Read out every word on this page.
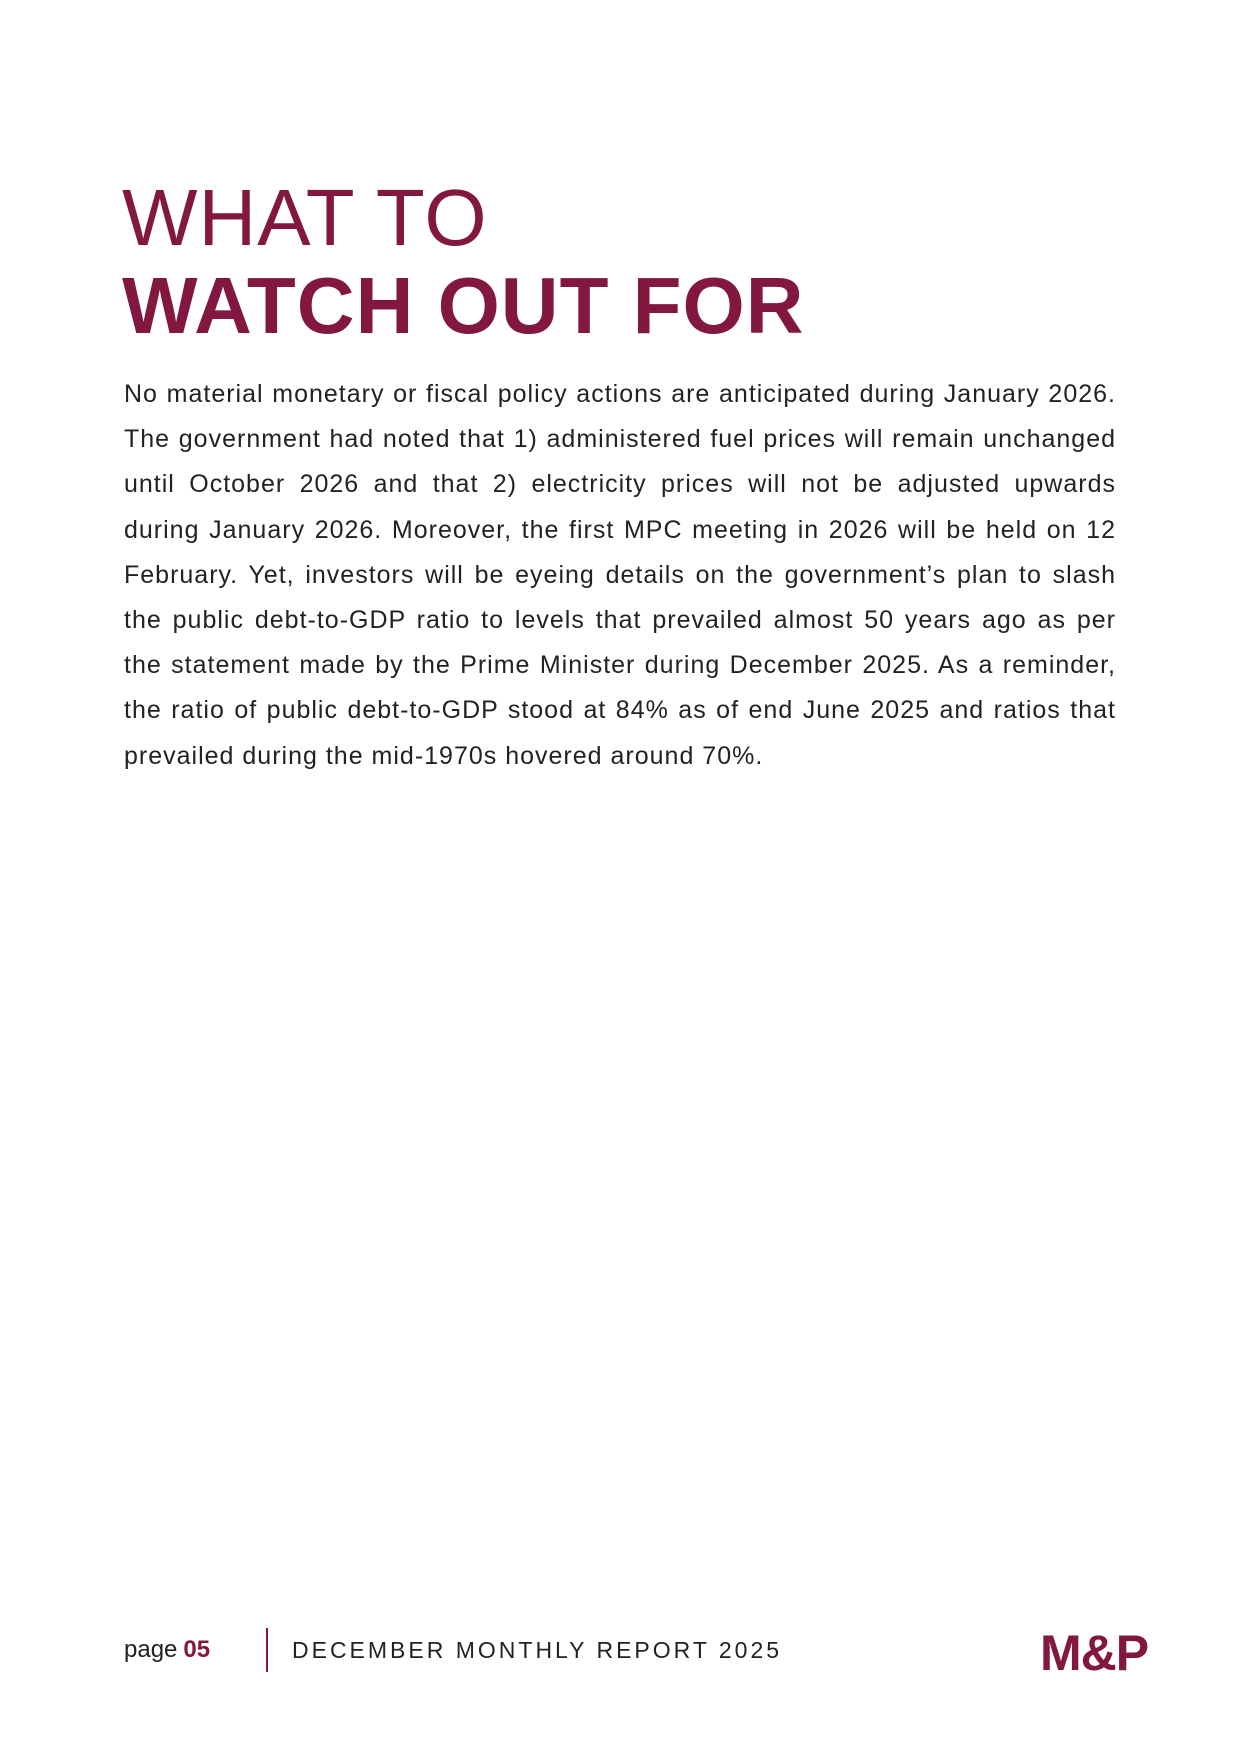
WHAT TO
WATCH OUT FOR

No material monetary or fiscal policy actions are anticipated during January 2026. The government had noted that 1) administered fuel prices will remain unchanged until October 2026 and that 2) electricity prices will not be adjusted upwards during January 2026. Moreover, the first MPC meeting in 2026 will be held on 12 February. Yet, investors will be eyeing details on the government’s plan to slash the public debt-to-GDP ratio to levels that prevailed almost 50 years ago as per the statement made by the Prime Minister during December 2025. As a reminder, the ratio of public debt-to-GDP stood at 84% as of end June 2025 and ratios that prevailed during the mid-1970s hovered around 70%.

page 05	DECEMBER MONTHLY REPORT 2025	M&P
